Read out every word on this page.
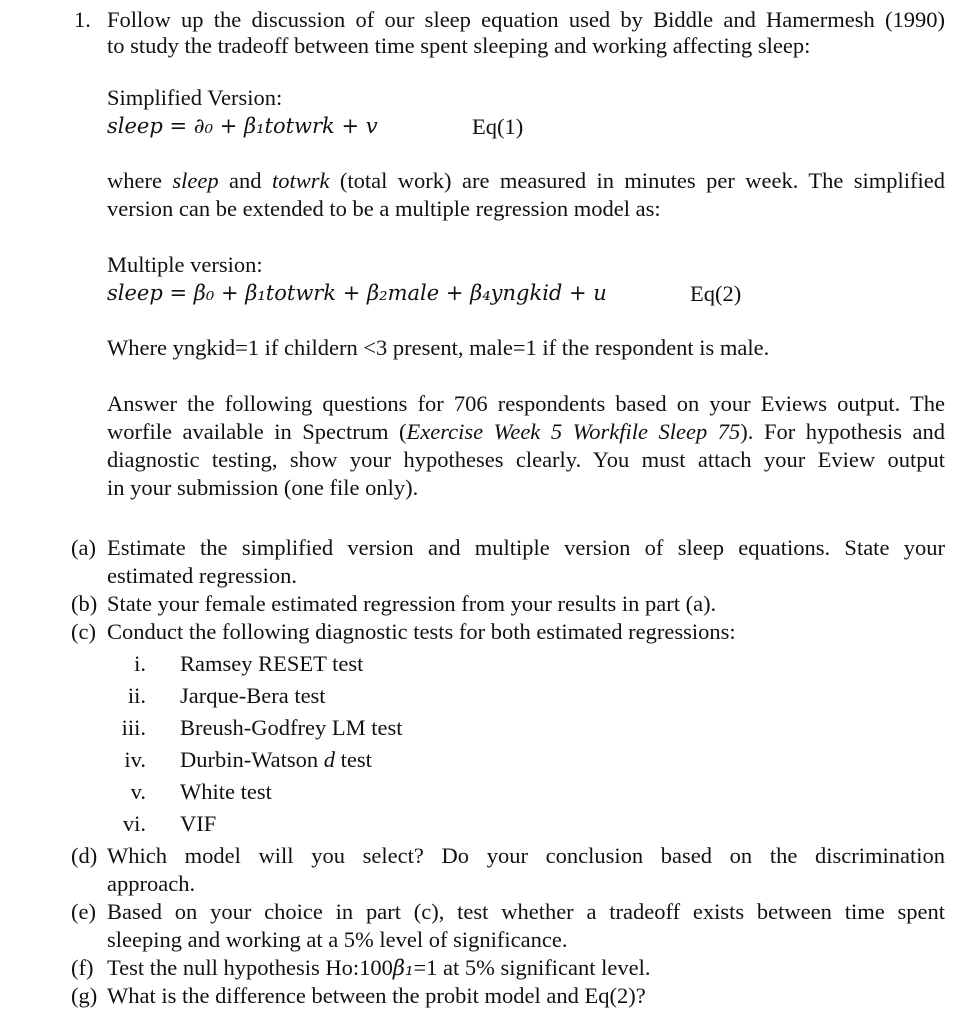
1. Follow up the discussion of our sleep equation used by Biddle and Hamermesh (1990)
to study the tradeoff between time spent sleeping and working affecting sleep:
Simplified Version:
sleep = ∂₀ + β₁totwrk + v	Eq(1)
where sleep and totwrk (total work) are measured in minutes per week. The simplified
version can be extended to be a multiple regression model as:
Multiple version:
sleep = β₀ + β₁totwrk + β₂male + β₄yngkid + u	Eq(2)
Where yngkid=1 if childern <3 present, male=1 if the respondent is male.
Answer the following questions for 706 respondents based on your Eviews output. The
worfile available in Spectrum (Exercise Week 5 Workfile Sleep 75). For hypothesis and
diagnostic testing, show your hypotheses clearly. You must attach your Eview output
in your submission (one file only).
(a) Estimate the simplified version and multiple version of sleep equations. State your
estimated regression.
(b) State your female estimated regression from your results in part (a).
(c) Conduct the following diagnostic tests for both estimated regressions:
i. Ramsey RESET test
ii. Jarque-Bera test
iii. Breush-Godfrey LM test
iv. Durbin-Watson d test
v. White test
vi. VIF
(d) Which model will you select? Do your conclusion based on the discrimination
approach.
(e) Based on your choice in part (c), test whether a tradeoff exists between time spent
sleeping and working at a 5% level of significance.
(f) Test the null hypothesis Ho:100β₁=1 at 5% significant level.
(g) What is the difference between the probit model and Eq(2)?
